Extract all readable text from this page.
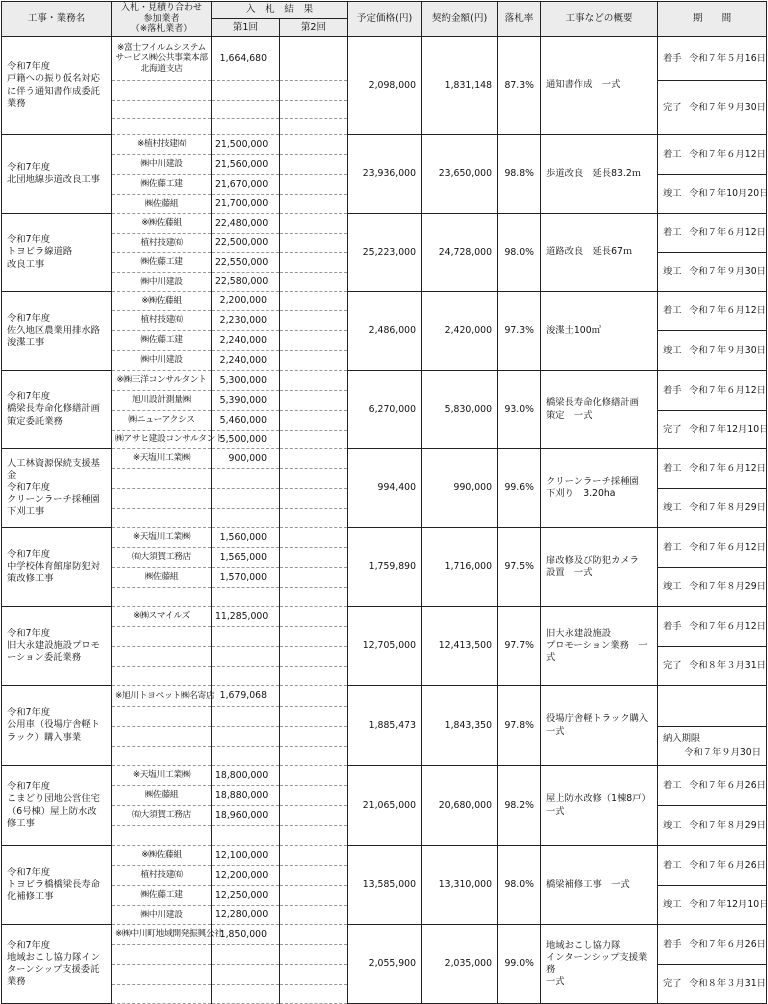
工事・業務名	入札・見積り合わせ
参加業者
（※落札業者）	入　札　結　果		予定価格(円)	契約金額(円)	落札率	工事などの概要	期　　間
		第1回	第2回					
令和7年度
戸籍への振り仮名対応
に伴う通知書作成委託
業務	※富士フイルムシステム
サービス㈱公共事業本部
北海道支店	1,664,680		2,098,000	1,831,148	87.3%	通知書作成　一式	着手 令和７年５月16日

								完了 令和７年９月30日

令和7年度
北団地線歩道改良工事	※植村技建㈲	21,500,000		23,936,000	23,650,000	98.8%	歩道改良　延長83.2ｍ	着工 令和７年６月12日
	㈱中川建設	21,560,000						
	㈱佐藤工建	21,670,000						竣工 令和７年10月20日
	㈱佐藤組	21,700,000						
令和7年度
トヨビラ線道路
改良工事	※㈱佐藤組	22,480,000		25,223,000	24,728,000	98.0%	道路改良　延長67ｍ	着工 令和７年６月12日
	植村技建㈲	22,500,000						
	㈱佐藤工建	22,550,000						竣工 令和７年９月30日
	㈱中川建設	22,580,000						
令和7年度
佐久地区農業用排水路
浚渫工事	※㈱佐藤組	2,200,000		2,486,000	2,420,000	97.3%	浚渫土100㎥	着工 令和７年６月12日
	植村技建㈲	2,230,000						
	㈱佐藤工建	2,240,000						竣工 令和７年９月30日
	㈱中川建設	2,240,000						
令和7年度
橋梁長寿命化修繕計画
策定委託業務	※㈱三洋コンサルタント	5,300,000		6,270,000	5,830,000	93.0%	橋梁長寿命化修繕計画
策定　一式	着手 令和７年６月12日
	旭川設計測量㈱	5,390,000						
	㈱ニューアクシス	5,460,000						完了 令和７年12月10日
	㈱アサヒ建設コンサルタント	5,500,000						
人工林資源保続支援基
金
令和7年度
クリーンラーチ採種園
下刈工事	※天塩川工業㈱	900,000		994,400	990,000	99.6%	クリーンラーチ採種園
下刈り　3.20ha	着工 令和７年６月12日

								竣工 令和７年８月29日

令和7年度
中学校体育館扉防犯対
策改修工事	※天塩川工業㈱	1,560,000		1,759,890	1,716,000	97.5%	扉改修及び防犯カメラ
設置　一式	着工 令和７年６月12日
	㈲大須賀工務店	1,565,000						
	㈱佐藤組	1,570,000						竣工 令和７年８月29日

令和7年度
旧大永建設施設プロモ
ーション委託業務	※㈱スマイルズ	11,285,000		12,705,000	12,413,500	97.7%	旧大永建設施設
プロモーション業務　一式	着手 令和７年６月12日

								完了 令和８年３月31日

令和7年度
公用車（役場庁舎軽ト
ラック）購入事業	※旭川トヨペット㈱名寄店	1,679,068		1,885,473	1,843,350	97.8%	役場庁舎軽トラック購入
一式	

								納入期限
令和７年９月30日

令和7年度
こまどり団地公営住宅
（6号棟）屋上防水改
修工事	※天塩川工業㈱	18,800,000		21,065,000	20,680,000	98.2%	屋上防水改修（1棟8戸）
一式	着工 令和７年６月26日
	㈱佐藤組	18,880,000						
	㈲大須賀工務店	18,960,000						竣工 令和７年８月29日

令和7年度
トヨビラ橋橋梁長寿命
化補修工事	※㈱佐藤組	12,100,000		13,585,000	13,310,000	98.0%	橋梁補修工事　一式	着工 令和７年６月26日
	植村技建㈲	12,200,000						
	㈱佐藤工建	12,250,000						竣工 令和７年12月10日
	㈱中川建設	12,280,000						
令和7年度
地域おこし協力隊イン
ターンシップ支援委託
業務	※㈱中川町地域開発振興公社	1,850,000		2,055,900	2,035,000	99.0%	地域おこし協力隊
インターンシップ支援業務
一式	着手 令和７年６月26日

								完了 令和８年３月31日
